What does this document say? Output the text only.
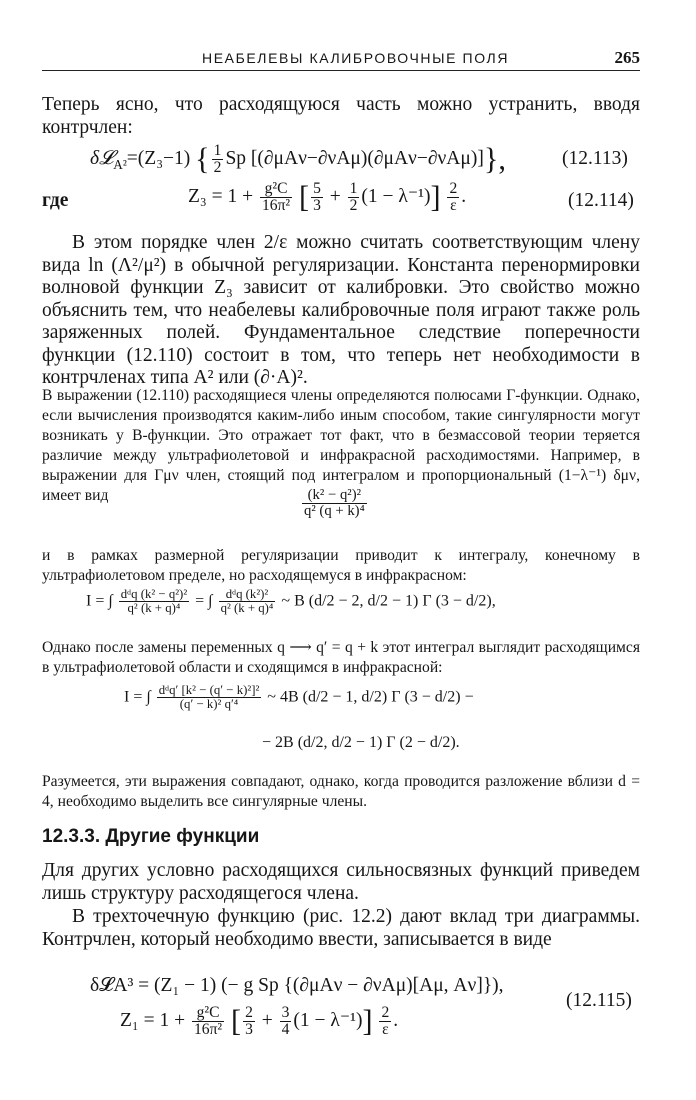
НЕАБЕЛЕВЫ КАЛИБРОВОЧНЫЕ ПОЛЯ	265
Теперь ясно, что расходящуюся часть можно устранить, вводя контрчлен:
δ𝓛$_{A^2}$=(Z₃−1) { $\frac{1}{2}$ Sp [(∂μAν−∂νAμ)(∂μAν−∂νAμ)]},	(12.113)
где	$Z_3 = 1 + \frac{\text{g²C}}{\text{16π²}}$ [ $\frac{5}{3} + \frac{1}{2} (1 - \lambda^{-1})] \frac{2}{\varepsilon}$ .	(12.114)
В этом порядке член 2/ε можно считать соответствующим члену вида ln (Λ²/μ²) в обычной регуляризации. Константа перенормировки волновой функции Z₃ зависит от калибровки. Это свойство можно объяснить тем, что неабелевы калибровочные поля играют также роль заряженных полей. Фундаментальное следствие поперечности функции (12.110) состоит в том, что теперь нет необходимости в контрчленах типа A² или (∂·A)².
В выражении (12.110) расходящиеся члены определяются полюсами Γ-функции. Однако, если вычисления производятся каким-либо иным способом, такие сингулярности могут возникать у B-функции. Это отражает тот факт, что в безмассовой теории теряется различие между ультрафиолетовой и инфракрасной расходимостями. Например, в выражении для Γμν член, стоящий под интегралом и пропорциональный (1−λ⁻¹) δμν, имеет вид	$\frac{\text{(k² − q²)²}}{\text{q² (q + k)⁴}}$
и в рамках размерной регуляризации приводит к интегралу, конечному в ультрафиолетовом пределе, но расходящемуся в инфракрасном:
I = ∫ $\frac{\text{dᵈq (k² − q²)²}}{\text{q² (k + q)⁴}}$ = ∫ $\frac{\text{dᵈq (k²)²}}{\text{q² (k + q)⁴}}$ ~ B (d/2 − 2, d/2 − 1) Γ (3 − d/2),
Однако после замены переменных q ⟶ q′ = q + k этот интеграл выглядит расходящимся в ультрафиолетовой области и сходящимся в инфракрасной:
I = ∫ $\frac{\text{dᵈq′ [k² − (q′ − k)²]²}}{\text{(q′ − k)² q′⁴}}$ ~ 4B (d/2 − 1, d/2) Γ (3 − d/2) −
− 2B (d/2, d/2 − 1) Γ (2 − d/2).
Разумеется, эти выражения совпадают, однако, когда проводится разложение вблизи d = 4, необходимо выделить все сингулярные члены.
12.3.3. Другие функции
Для других условно расходящихся сильносвязных функций приведем лишь структуру расходящегося члена.
В трехточечную функцию (рис. 12.2) дают вклад три диаграммы. Контрчлен, который необходимо ввести, записывается в виде
δ𝓛A³ = (Z₁ − 1) (− g Sp {(∂μAν − ∂νAμ)[Aμ, Aν]}),
$Z_1 = 1 + \frac{\text{g²C}}{\text{16π²}}$ [ $\frac{2}{3} + \frac{3}{4} (1 - \lambda^{-1})] \frac{2}{\varepsilon}$ .
(12.115)
